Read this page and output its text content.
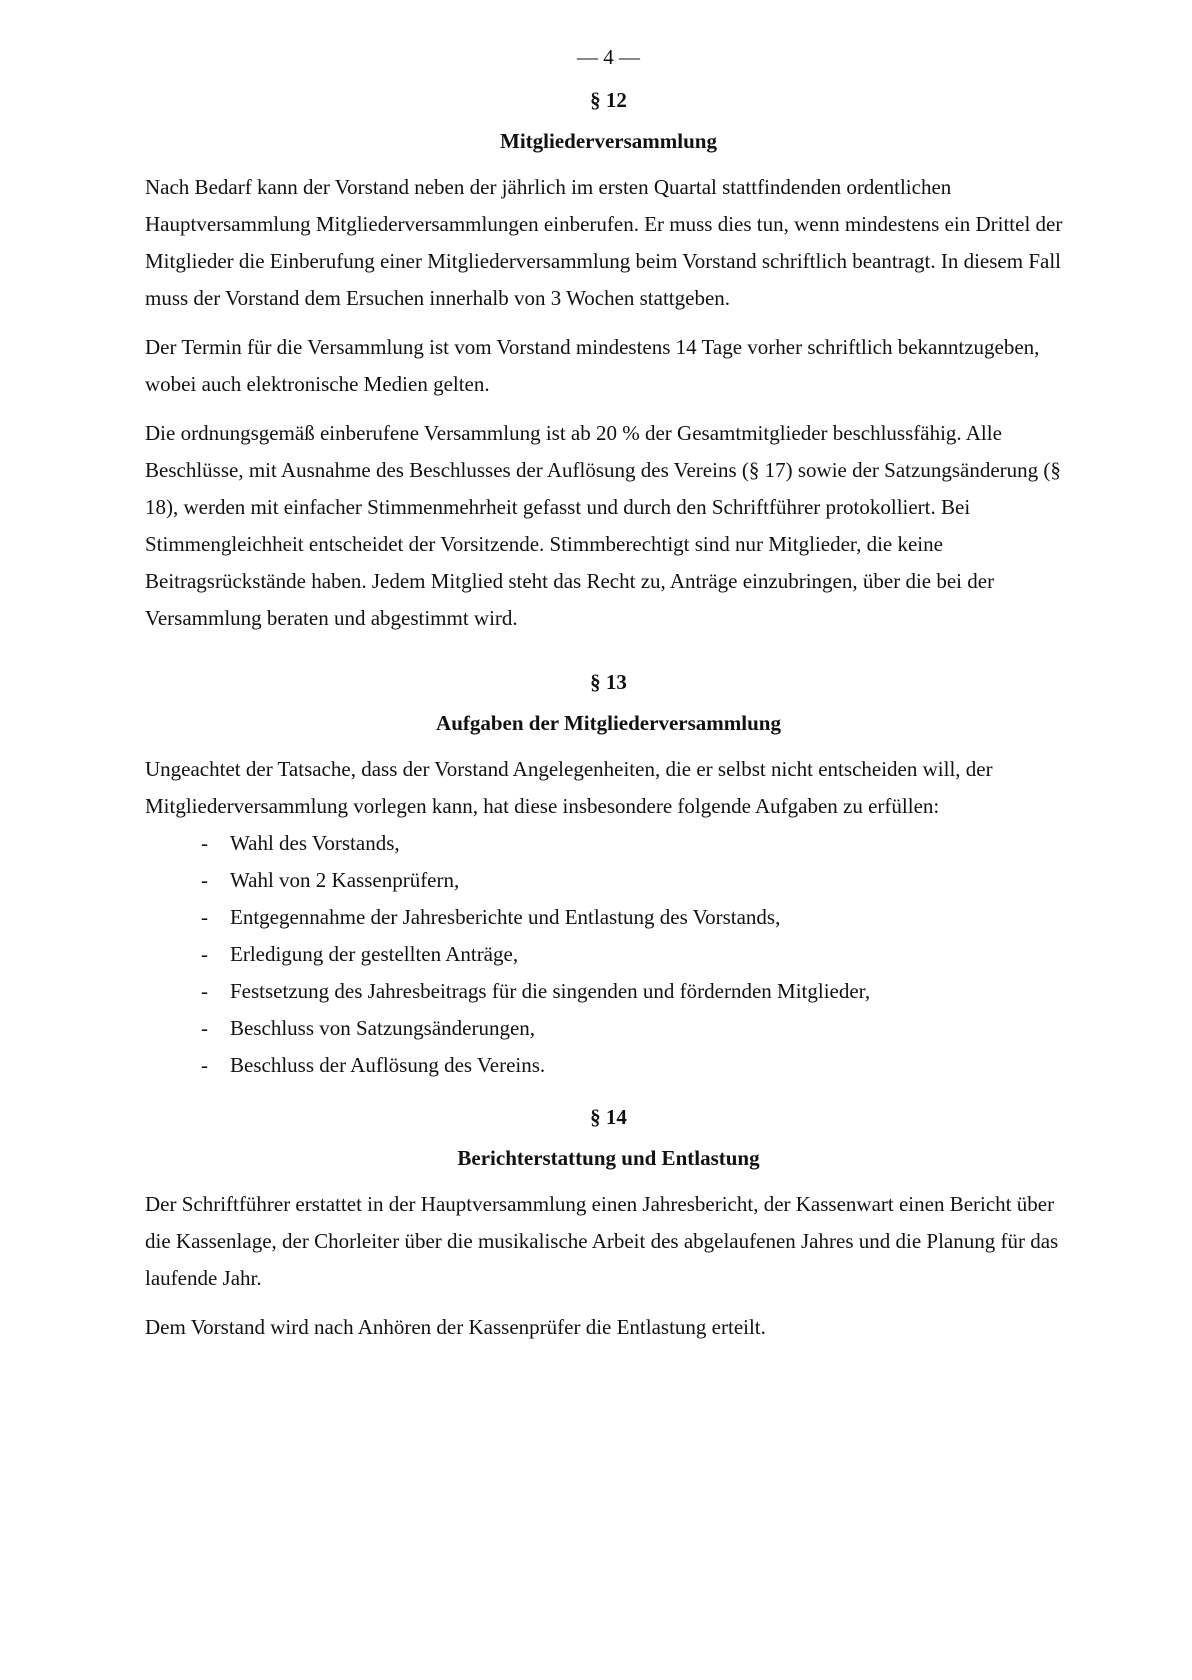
— 4 —
§ 12
Mitgliederversammlung

Nach Bedarf kann der Vorstand neben der jährlich im ersten Quartal stattfindenden ordentlichen Hauptversammlung Mitgliederversammlungen einberufen. Er muss dies tun, wenn mindestens ein Drittel der Mitglieder die Einberufung einer Mitgliederversammlung beim Vorstand schriftlich beantragt. In diesem Fall muss der Vorstand dem Ersuchen innerhalb von 3 Wochen stattgeben.

Der Termin für die Versammlung ist vom Vorstand mindestens 14 Tage vorher schriftlich bekanntzugeben, wobei auch elektronische Medien gelten.

Die ordnungsgemäß einberufene Versammlung ist ab 20 % der Gesamtmitglieder beschlussfähig. Alle Beschlüsse, mit Ausnahme des Beschlusses der Auflösung des Vereins (§ 17) sowie der Satzungsänderung (§ 18), werden mit einfacher Stimmenmehrheit gefasst und durch den Schriftführer protokolliert. Bei Stimmengleichheit entscheidet der Vorsitzende. Stimmberechtigt sind nur Mitglieder, die keine Beitragsrückstände haben. Jedem Mitglied steht das Recht zu, Anträge einzubringen, über die bei der Versammlung beraten und abgestimmt wird.

§ 13
Aufgaben der Mitgliederversammlung

Ungeachtet der Tatsache, dass der Vorstand Angelegenheiten, die er selbst nicht entscheiden will, der Mitgliederversammlung vorlegen kann, hat diese insbesondere folgende Aufgaben zu erfüllen:

- Wahl des Vorstands,
- Wahl von 2 Kassenprüfern,
- Entgegennahme der Jahresberichte und Entlastung des Vorstands,
- Erledigung der gestellten Anträge,
- Festsetzung des Jahresbeitrags für die singenden und fördernden Mitglieder,
- Beschluss von Satzungsänderungen,
- Beschluss der Auflösung des Vereins.
§ 14
Berichterstattung und Entlastung

Der Schriftführer erstattet in der Hauptversammlung einen Jahresbericht, der Kassenwart einen Bericht über die Kassenlage, der Chorleiter über die musikalische Arbeit des abgelaufenen Jahres und die Planung für das laufende Jahr.

Dem Vorstand wird nach Anhören der Kassenprüfer die Entlastung erteilt.
